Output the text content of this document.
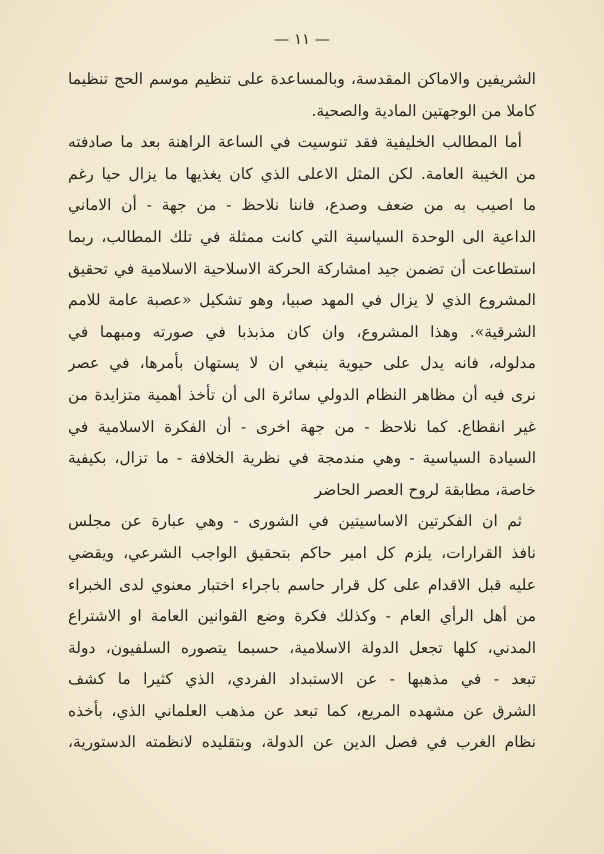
— ١١ —
الشريفين والاماكن المقدسة، وبالمساعدة على تنظيم موسم الحج تنظيما
كاملا من الوجهتين المادية والصحية.
أما المطالب الخليفية فقد تنوسيت في الساعة الراهنة بعد ما صادفته
من الخيبة العامة. لكن المثل الاعلى الذي كان يغذيها ما يزال حيا رغم
ما اصيب به من ضعف وصدع، فاننا نلاحظ - من جهة - أن الاماني
الداعية الى الوحدة السياسية التي كانت ممثلة في تلك المطالب، ربما
استطاعت أن تضمن جيد امشاركة الحركة الاسلاحية الاسلامية في تحقيق
المشروع الذي لا يزال في المهد صبيا، وهو تشكيل «عصبة عامة للامم
الشرقية». وهذا المشروع، وان كان مذبذبا في صورته ومبهما في
مدلوله، فانه يدل على حيوية ينبغي ان لا يستهان بأمرها، في عصر
نرى فيه أن مظاهر النظام الدولي سائرة الى أن تأخذ أهمية متزايدة من
غير انقطاع. كما نلاحظ - من جهة اخرى - أن الفكرة الاسلامية في
السيادة السياسية - وهي مندمجة في نظرية الخلافة - ما تزال، بكيفية
خاصة، مطابقة لروح العصر الحاضر
ثم ان الفكرتين الاساسيتين في الشورى - وهي عبارة عن مجلس
نافذ القرارات، يلزم كل امير حاكم بتحقيق الواجب الشرعي، ويقضي
عليه قبل الاقدام على كل قرار حاسم باجراء اختبار معنوي لدى الخبراء
من أهل الرأي العام - وكذلك فكرة وضع القوانين العامة او الاشتراع
المدني، كلها تجعل الدولة الاسلامية، حسبما يتصوره السلفيون، دولة
تبعد - في مذهبها - عن الاستبداد الفردي، الذي كثيرا ما كشف
الشرق عن مشهده المريع، كما تبعد عن مذهب العلماني الذي، بأخذه
نظام الغرب في فصل الدين عن الدولة، وبتقليده لانظمته الدستورية،
